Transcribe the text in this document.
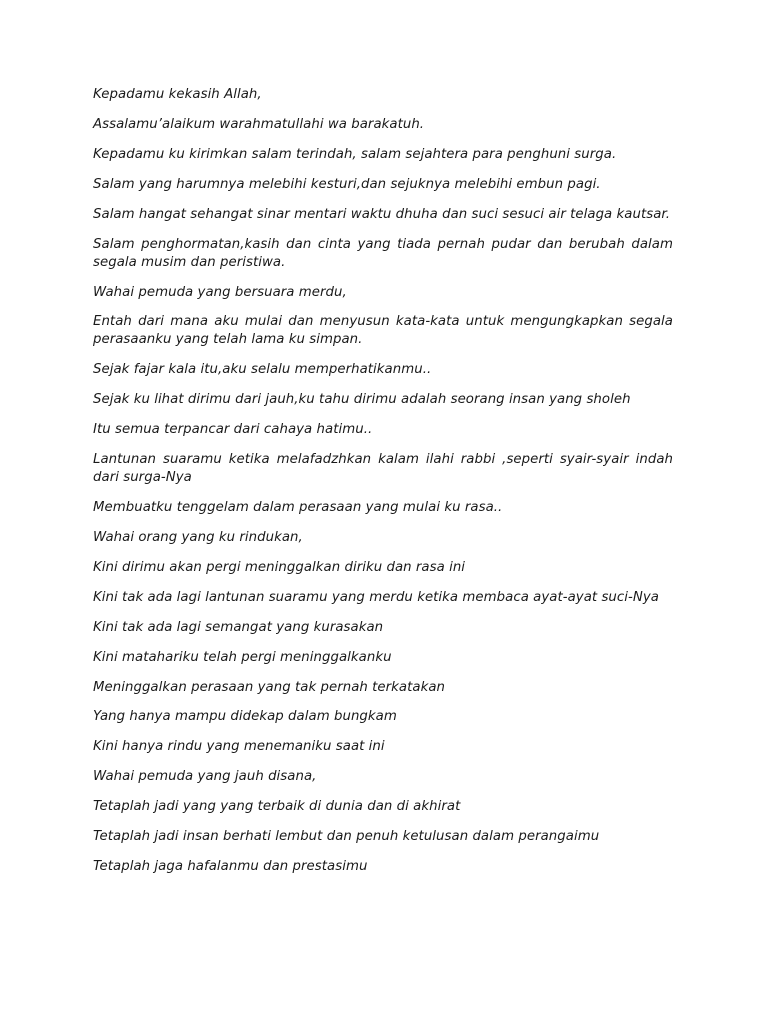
Kepadamu kekasih Allah,

Assalamu’alaikum warahmatullahi wa barakatuh.

Kepadamu ku kirimkan salam terindah, salam sejahtera para penghuni surga.

Salam yang harumnya melebihi kesturi,dan sejuknya melebihi embun pagi.

Salam hangat sehangat sinar mentari waktu dhuha dan suci sesuci air telaga kautsar.

Salam penghormatan,kasih dan cinta yang tiada pernah pudar dan berubah dalam segala musim dan peristiwa.

Wahai pemuda yang bersuara merdu,

Entah dari mana aku mulai dan menyusun kata-kata untuk mengungkapkan segala perasaanku yang telah lama ku simpan.

Sejak fajar kala itu,aku selalu memperhatikanmu..

Sejak ku lihat dirimu dari jauh,ku tahu dirimu adalah seorang insan yang sholeh

Itu semua terpancar dari cahaya hatimu..

Lantunan suaramu ketika melafadzhkan kalam ilahi rabbi ,seperti syair-syair indah dari surga-Nya

Membuatku tenggelam dalam perasaan yang mulai ku rasa..

Wahai orang yang ku rindukan,

Kini dirimu akan pergi meninggalkan diriku dan rasa ini

Kini tak ada lagi lantunan suaramu yang merdu ketika membaca ayat-ayat suci-Nya

Kini tak ada lagi semangat yang kurasakan

Kini matahariku telah pergi meninggalkanku

Meninggalkan perasaan yang tak pernah terkatakan

Yang hanya mampu didekap dalam bungkam

Kini hanya rindu yang menemaniku saat ini

Wahai pemuda yang jauh disana,

Tetaplah jadi yang yang terbaik di dunia dan di akhirat

Tetaplah jadi insan berhati lembut dan penuh ketulusan dalam perangaimu

Tetaplah jaga hafalanmu dan prestasimu
